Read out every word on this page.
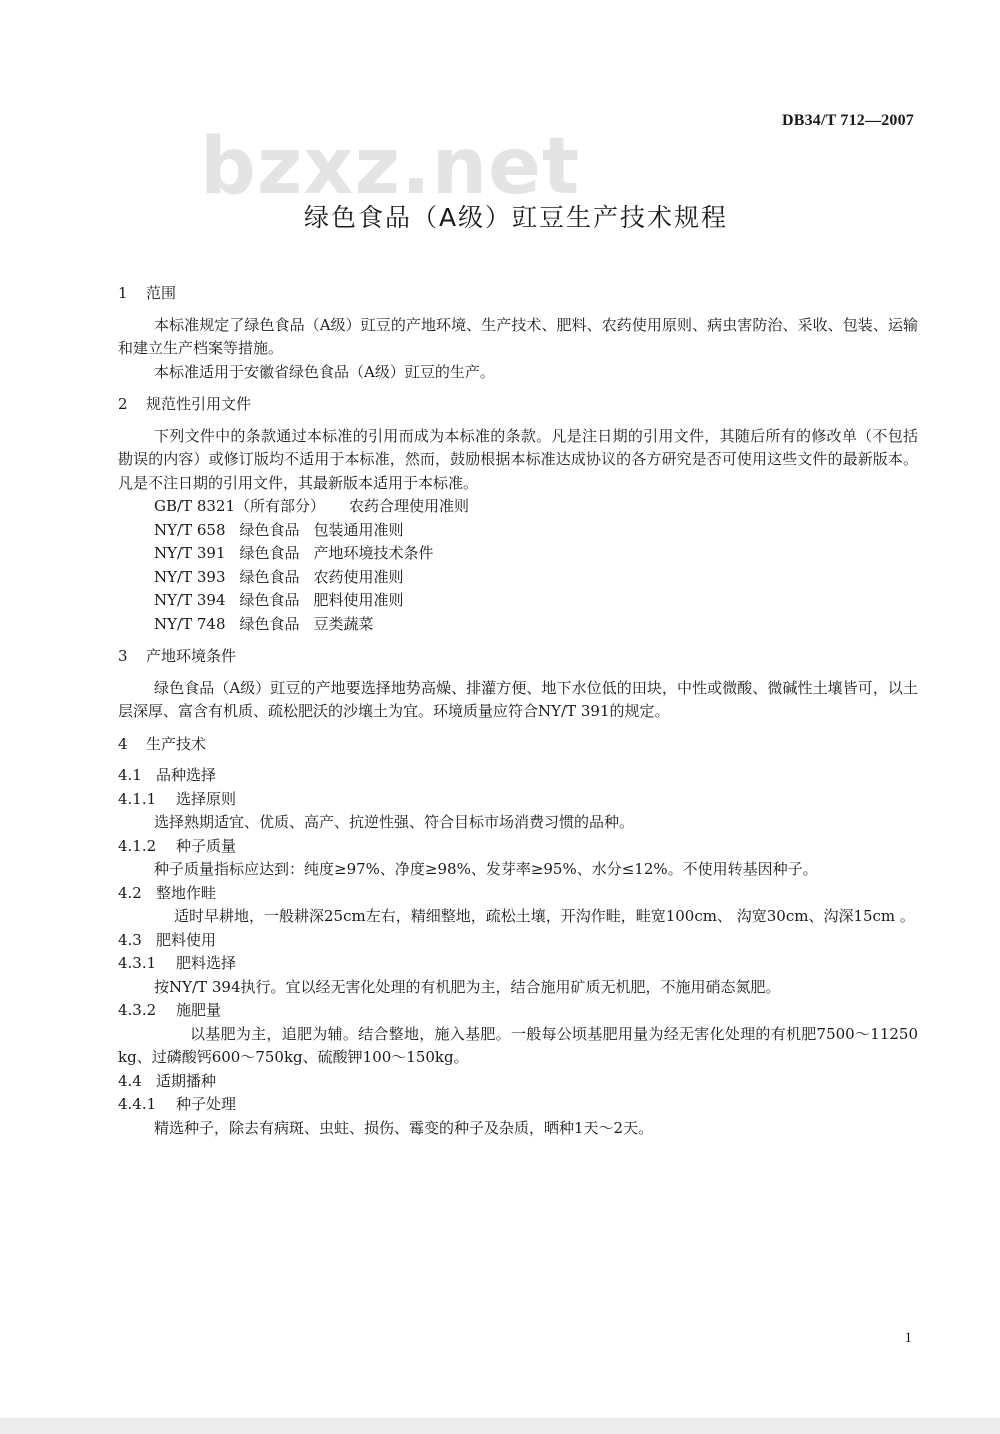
DB34/T 712—2007
bzxz.net
绿色食品（A级）豇豆生产技术规程

1 范围

本标准规定了绿色食品（A级）豇豆的产地环境、生产技术、肥料、农药使用原则、病虫害防治、采收、包装、运输和建立生产档案等措施。

本标准适用于安徽省绿色食品（A级）豇豆的生产。

2 规范性引用文件

下列文件中的条款通过本标准的引用而成为本标准的条款。凡是注日期的引用文件，其随后所有的修改单（不包括勘误的内容）或修订版均不适用于本标准，然而，鼓励根据本标准达成协议的各方研究是否可使用这些文件的最新版本。凡是不注日期的引用文件，其最新版本适用于本标准。

GB/T 8321（所有部分） 农药合理使用准则

NY/T 658 绿色食品 包装通用准则

NY/T 391 绿色食品 产地环境技术条件

NY/T 393 绿色食品 农药使用准则

NY/T 394 绿色食品 肥料使用准则

NY/T 748 绿色食品 豆类蔬菜

3 产地环境条件

绿色食品（A级）豇豆的产地要选择地势高燥、排灌方便、地下水位低的田块，中性或微酸、微碱性土壤皆可，以土层深厚、富含有机质、疏松肥沃的沙壤土为宜。环境质量应符合NY/T 391的规定。

4 生产技术

4.1 品种选择

4.1.1 选择原则

选择熟期适宜、优质、高产、抗逆性强、符合目标市场消费习惯的品种。

4.1.2 种子质量

种子质量指标应达到：纯度≥97%、净度≥98%、发芽率≥95%、水分≤12%。不使用转基因种子。

4.2 整地作畦

适时早耕地，一般耕深25cm左右，精细整地，疏松土壤，开沟作畦，畦宽100cm、 沟宽30cm、沟深15cm 。

4.3 肥料使用

4.3.1 肥料选择

按NY/T 394执行。宜以经无害化处理的有机肥为主，结合施用矿质无机肥，不施用硝态氮肥。

4.3.2 施肥量

以基肥为主，追肥为辅。结合整地，施入基肥。一般每公顷基肥用量为经无害化处理的有机肥7500～11250 kg、过磷酸钙600～750kg、硫酸钾100～150kg。

4.4 适期播种

4.4.1 种子处理

精选种子，除去有病斑、虫蛀、损伤、霉变的种子及杂质，晒种1天～2天。

1
